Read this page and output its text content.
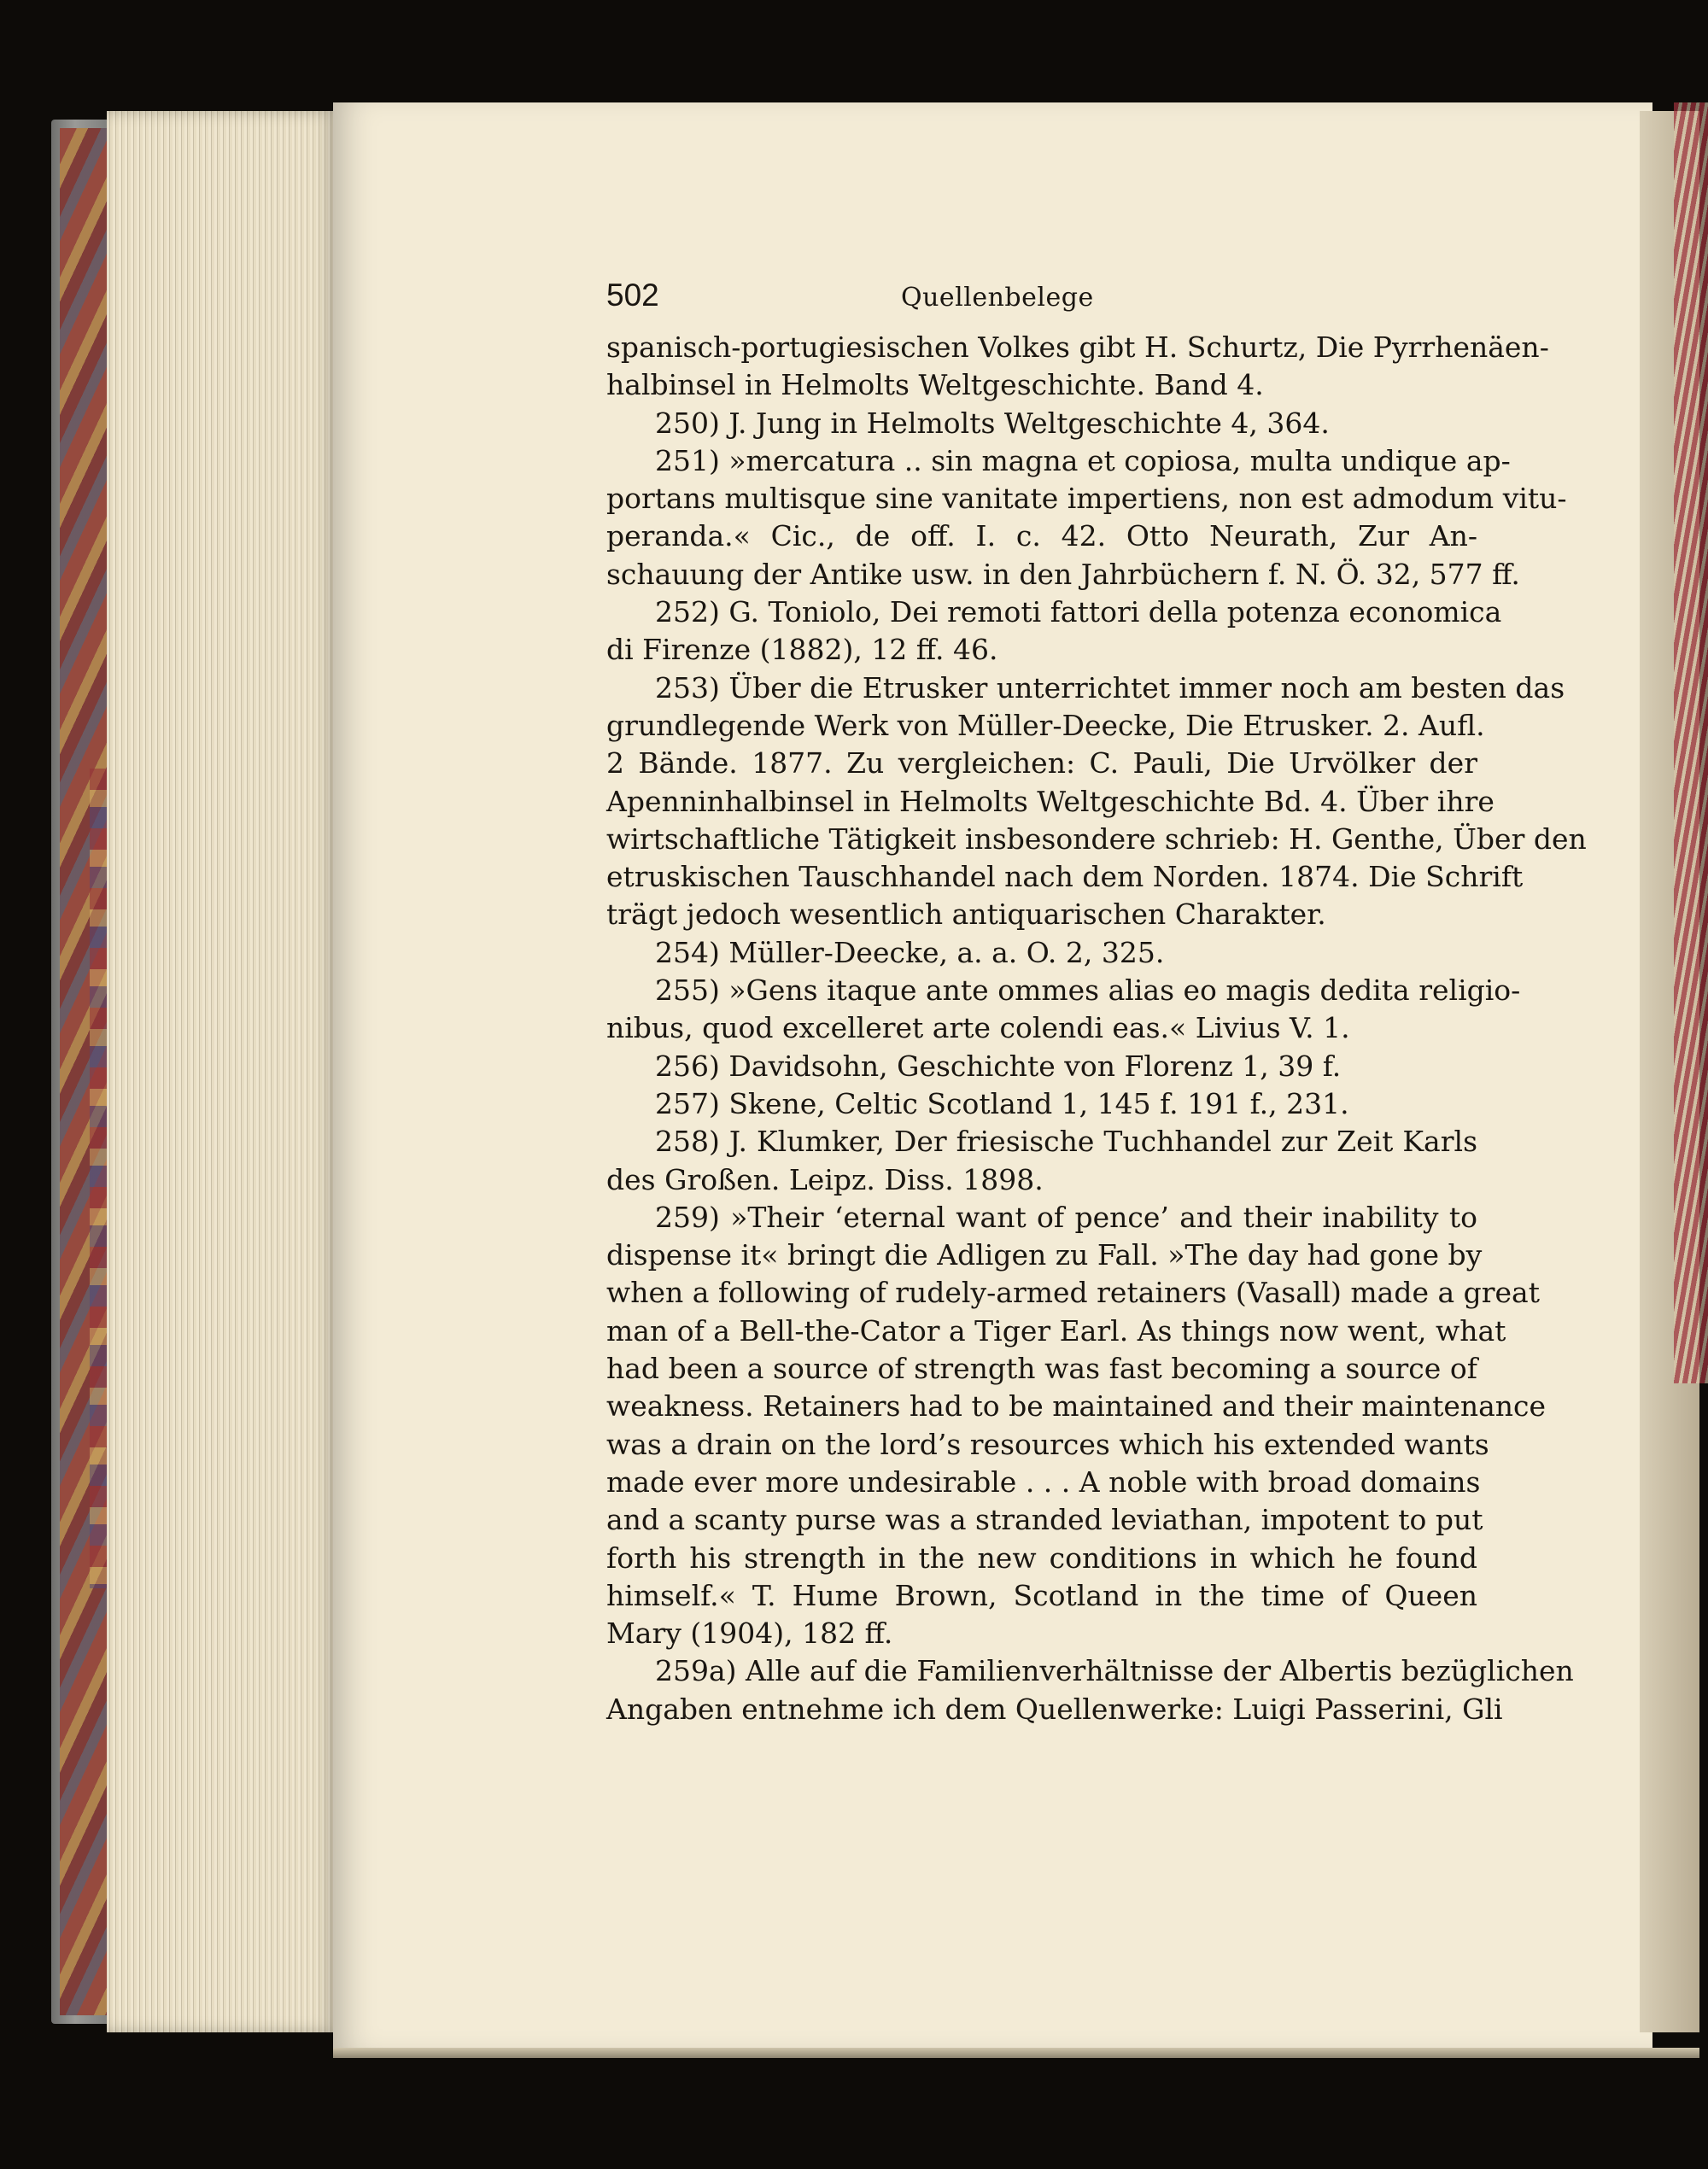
502	Quellenbelege
spanisch-portugiesischen Volkes gibt H. Schurtz, Die Pyrrhenäen-
halbinsel in Helmolts Weltgeschichte. Band 4.
250) J. Jung in Helmolts Weltgeschichte 4, 364.
251) »mercatura .. sin magna et copiosa, multa undique ap-
portans multisque sine vanitate impertiens, non est admodum vitu-
peranda.« Cic., de off. I. c. 42. Otto Neurath, Zur An-
schauung der Antike usw. in den Jahrbüchern f. N. Ö. 32, 577 ff.
252) G. Toniolo, Dei remoti fattori della potenza economica
di Firenze (1882), 12 ff. 46.
253) Über die Etrusker unterrichtet immer noch am besten das
grundlegende Werk von Müller-Deecke, Die Etrusker. 2. Aufl.
2 Bände. 1877. Zu vergleichen: C. Pauli, Die Urvölker der
Apenninhalbinsel in Helmolts Weltgeschichte Bd. 4. Über ihre
wirtschaftliche Tätigkeit insbesondere schrieb: H. Genthe, Über den
etruskischen Tauschhandel nach dem Norden. 1874. Die Schrift
trägt jedoch wesentlich antiquarischen Charakter.
254) Müller-Deecke, a. a. O. 2, 325.
255) »Gens itaque ante ommes alias eo magis dedita religio-
nibus, quod excelleret arte colendi eas.« Livius V. 1.
256) Davidsohn, Geschichte von Florenz 1, 39 f.
257) Skene, Celtic Scotland 1, 145 f. 191 f., 231.
258) J. Klumker, Der friesische Tuchhandel zur Zeit Karls
des Großen. Leipz. Diss. 1898.
259) »Their ‘eternal want of pence’ and their inability to
dispense it« bringt die Adligen zu Fall. »The day had gone by
when a following of rudely-armed retainers (Vasall) made a great
man of a Bell-the-Cator a Tiger Earl. As things now went, what
had been a source of strength was fast becoming a source of
weakness. Retainers had to be maintained and their maintenance
was a drain on the lord’s resources which his extended wants
made ever more undesirable . . . A noble with broad domains
and a scanty purse was a stranded leviathan, impotent to put
forth his strength in the new conditions in which he found
himself.« T. Hume Brown, Scotland in the time of Queen
Mary (1904), 182 ff.
259a) Alle auf die Familienverhältnisse der Albertis bezüglichen
Angaben entnehme ich dem Quellenwerke: Luigi Passerini, Gli
